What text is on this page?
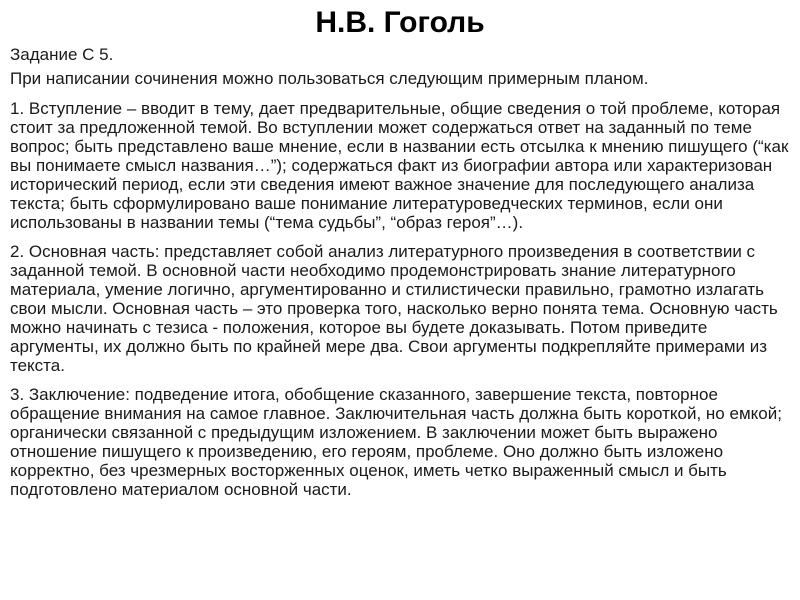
Н.В. Гоголь

Задание С 5.

При написании сочинения можно пользоваться следующим примерным планом.

1. Вступление – вводит в тему, дает предварительные, общие сведения о той проблеме, которая стоит за предложенной темой. Во вступлении может содержаться ответ на заданный по теме вопрос; быть представлено ваше мнение, если в названии есть отсылка к мнению пишущего (“как вы понимаете смысл названия…”); содержаться факт из биографии автора или характеризован исторический период, если эти сведения имеют важное значение для последующего анализа текста; быть сформулировано ваше понимание литературоведческих терминов, если они использованы в названии темы (“тема судьбы”, “образ героя”…).

2. Основная часть: представляет собой анализ литературного произведения в соответствии с заданной темой. В основной части необходимо продемонстрировать знание литературного материала, умение логично, аргументированно и стилистически правильно, грамотно излагать свои мысли. Основная часть – это проверка того, насколько верно понята тема. Основную часть можно начинать с тезиса - положения, которое вы будете доказывать. Потом приведите аргументы, их должно быть по крайней мере два. Свои аргументы подкрепляйте примерами из текста.

3. Заключение: подведение итога, обобщение сказанного, завершение текста, повторное обращение внимания на самое главное. Заключительная часть должна быть короткой, но емкой; органически связанной с предыдущим изложением. В заключении может быть выражено отношение пишущего к произведению, его героям, проблеме. Оно должно быть изложено корректно, без чрезмерных восторженных оценок, иметь четко выраженный смысл и быть подготовлено материалом основной части.
